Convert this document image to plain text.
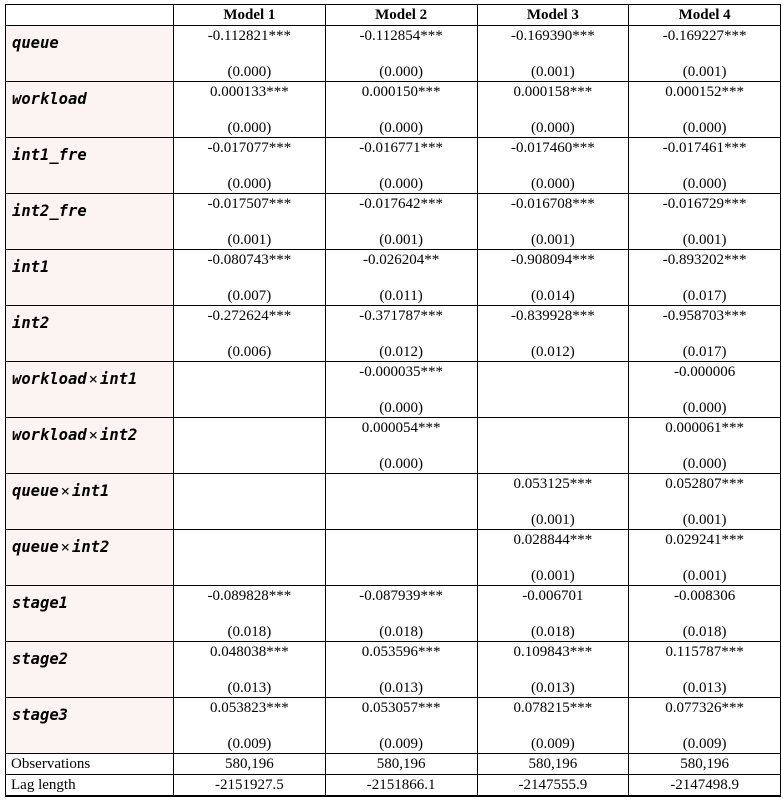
	Model 1	Model 2	Model 3	Model 4
queue	-0.112821***	-0.112854***	-0.169390***	-0.169227***
	(0.000)	(0.000)	(0.001)	(0.001)
workload	0.000133***	0.000150***	0.000158***	0.000152***
	(0.000)	(0.000)	(0.000)	(0.000)
int1_fre	-0.017077***	-0.016771***	-0.017460***	-0.017461***
	(0.000)	(0.000)	(0.000)	(0.000)
int2_fre	-0.017507***	-0.017642***	-0.016708***	-0.016729***
	(0.001)	(0.001)	(0.001)	(0.001)
int1	-0.080743***	-0.026204**	-0.908094***	-0.893202***
	(0.007)	(0.011)	(0.014)	(0.017)
int2	-0.272624***	-0.371787***	-0.839928***	-0.958703***
	(0.006)	(0.012)	(0.012)	(0.017)
workload × int1		-0.000035***		-0.000006
		(0.000)		(0.000)
workload × int2		0.000054***		0.000061***
		(0.000)		(0.000)
queue × int1			0.053125***	0.052807***
			(0.001)	(0.001)
queue × int2			0.028844***	0.029241***
			(0.001)	(0.001)
stage1	-0.089828***	-0.087939***	-0.006701	-0.008306
	(0.018)	(0.018)	(0.018)	(0.018)
stage2	0.048038***	0.053596***	0.109843***	0.115787***
	(0.013)	(0.013)	(0.013)	(0.013)
stage3	0.053823***	0.053057***	0.078215***	0.077326***
	(0.009)	(0.009)	(0.009)	(0.009)
Observations	580,196	580,196	580,196	580,196
Lag length	-2151927.5	-2151866.1	-2147555.9	-2147498.9
